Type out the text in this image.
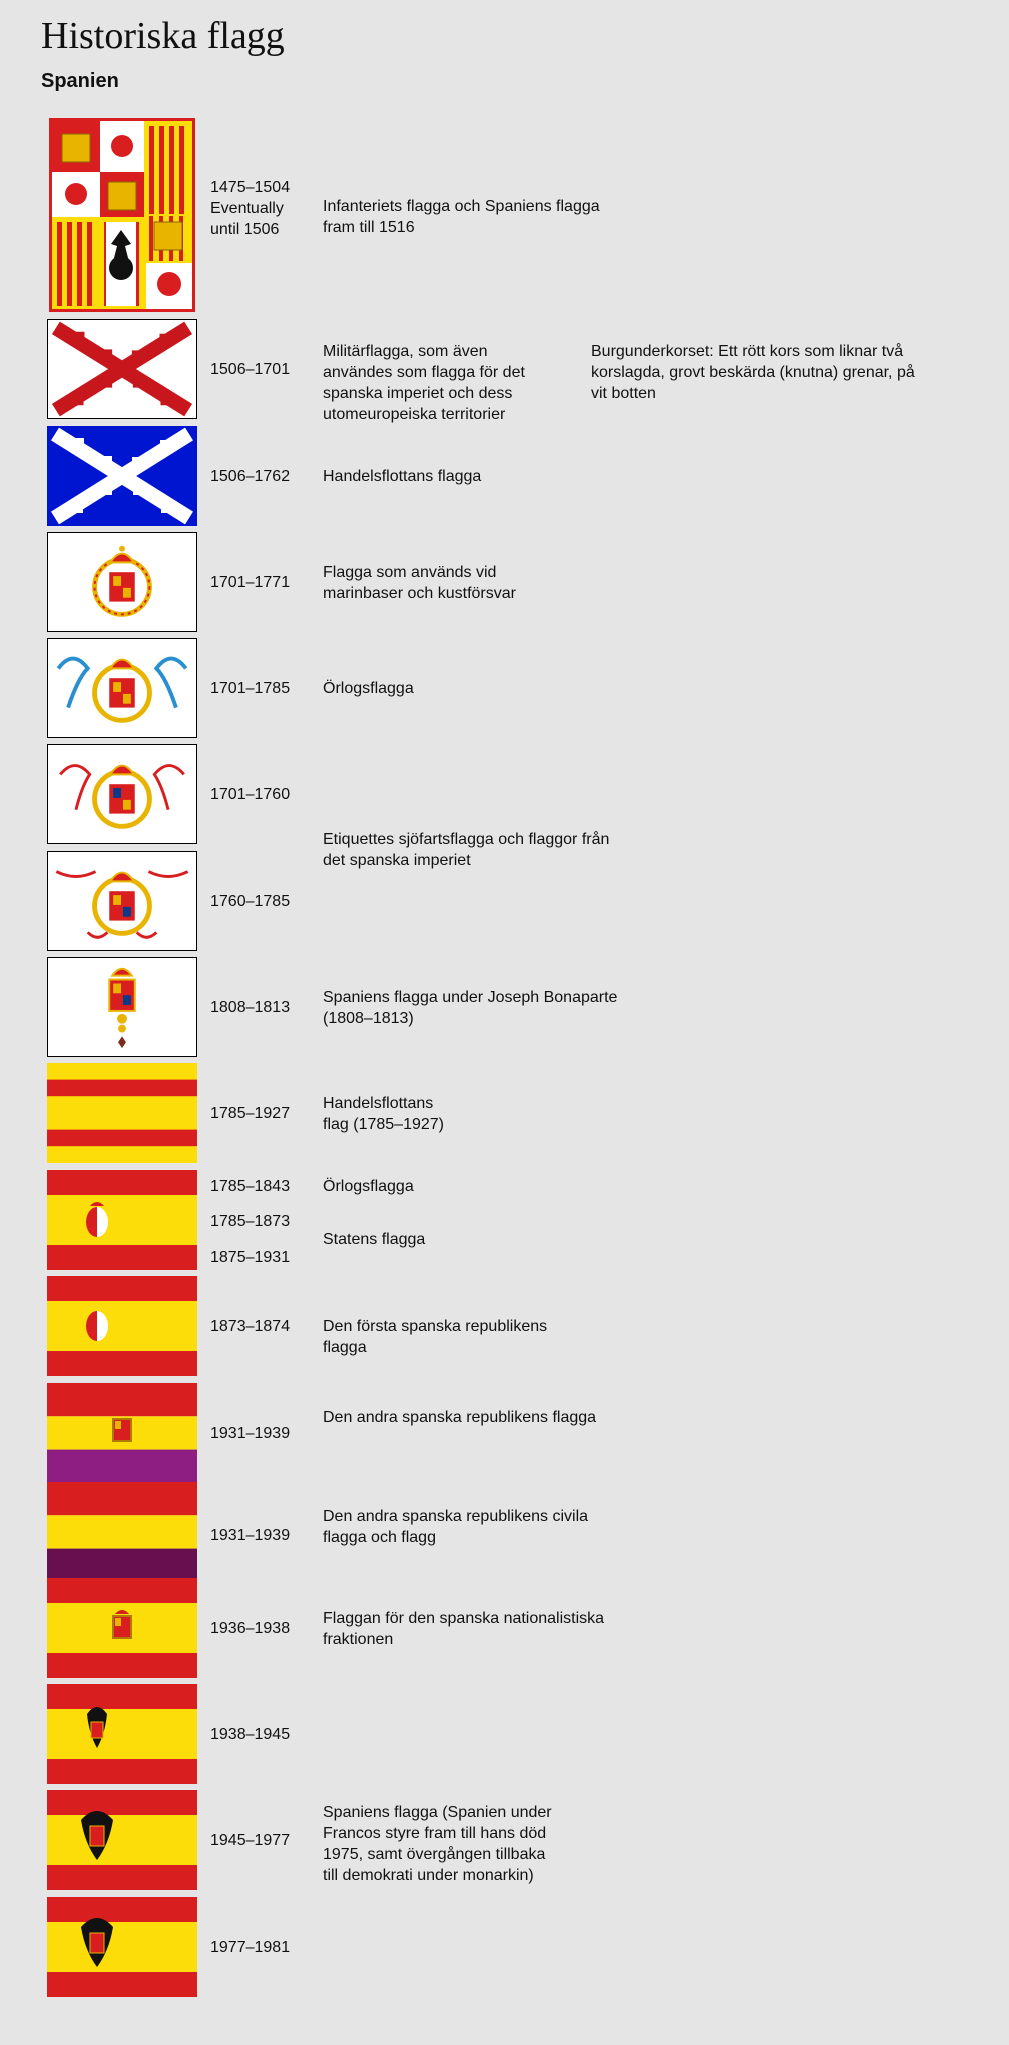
Historiska flagg
Spanien
1475–1504
Eventually until 1506
Infanteriets flagga och Spaniens flagga fram till 1516
1506–1701
Militärflagga, som även användes som flagga för det spanska imperiet och dess utomeuropeiska territorier
Burgunderkorset: Ett rött kors som liknar två korslagda, grovt beskärda (knutna) grenar, på vit botten
1506–1762 Handelsflottans flagga
1701–1771
Flagga som används vid marinbaser och kustförsvar
1701–1785 Örlogsflagga
1701–1760
1760–1785
Etiquettes sjöfartsflagga och flaggor från det spanska imperiet
1808–1813
Spaniens flagga under Joseph Bonaparte (1808–1813)
1785–1927
Handelsflottans flag (1785–1927)
1785–1843
1785–1873
1875–1931
Örlogsflagga
Statens flagga
1873–1874 Den första spanska republikens flagga
1931–1939
Den andra spanska republikens flagga
1931–1939
Den andra spanska republikens civila flagga och flagg
1936–1938
Flaggan för den spanska nationalistiska fraktionen
1938–1945
1945–1977
Spaniens flagga (Spanien under Francos styre fram till hans död 1975, samt övergången tillbaka till demokrati under monarkin)
1977–1981
